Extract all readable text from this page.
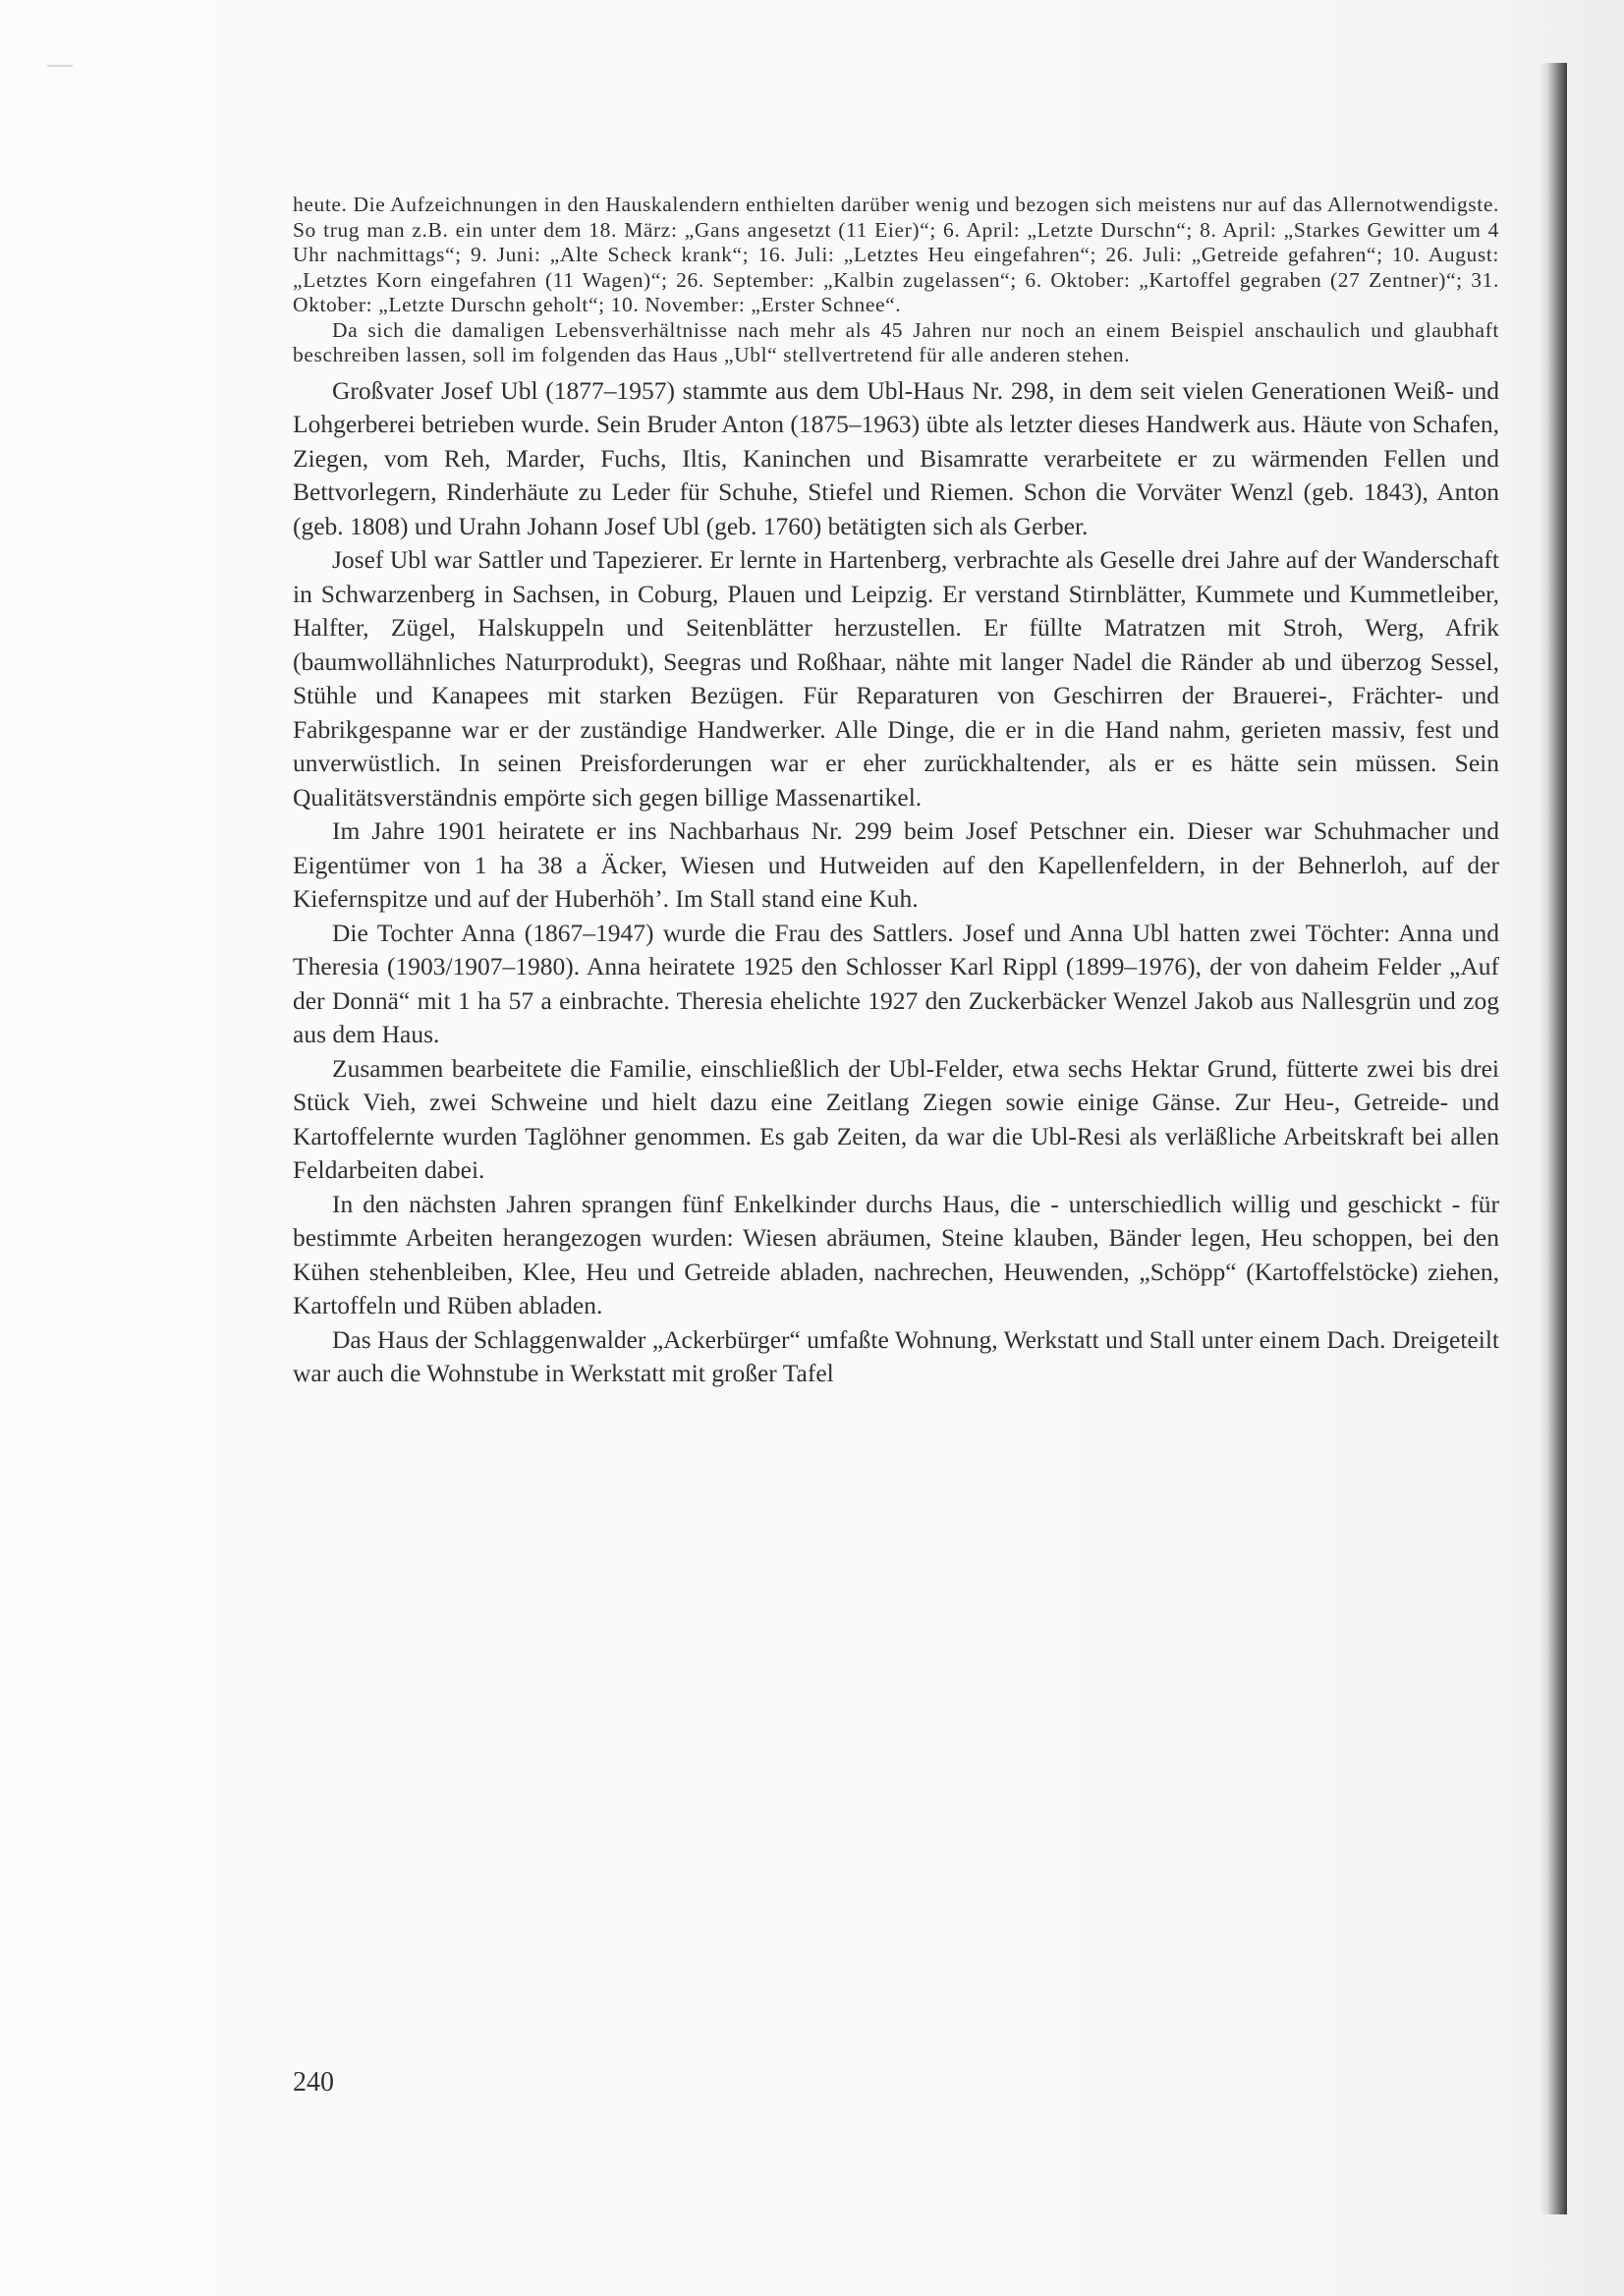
heute. Die Aufzeichnungen in den Hauskalendern enthielten darüber wenig und bezogen sich meistens nur auf das Allernotwendigste. So trug man z.B. ein unter dem 18. März: „Gans angesetzt (11 Eier)“; 6. April: „Letzte Durschn“; 8. April: „Starkes Gewitter um 4 Uhr nachmittags“; 9. Juni: „Alte Scheck krank“; 16. Juli: „Letztes Heu eingefahren“; 26. Juli: „Getreide gefahren“; 10. August: „Letztes Korn eingefahren (11 Wagen)“; 26. September: „Kalbin zugelassen“; 6. Oktober: „Kartoffel gegraben (27 Zentner)“; 31. Oktober: „Letzte Durschn geholt“; 10. November: „Erster Schnee“.

Da sich die damaligen Lebensverhältnisse nach mehr als 45 Jahren nur noch an einem Beispiel anschaulich und glaubhaft beschreiben lassen, soll im folgenden das Haus „Ubl“ stellvertretend für alle anderen stehen.

Großvater Josef Ubl (1877–1957) stammte aus dem Ubl-Haus Nr. 298, in dem seit vielen Generationen Weiß- und Lohgerberei betrieben wurde. Sein Bruder Anton (1875–1963) übte als letzter dieses Handwerk aus. Häute von Schafen, Ziegen, vom Reh, Marder, Fuchs, Iltis, Kaninchen und Bisamratte verarbeitete er zu wärmenden Fellen und Bettvorlegern, Rinderhäute zu Leder für Schuhe, Stiefel und Riemen. Schon die Vorväter Wenzl (geb. 1843), Anton (geb. 1808) und Urahn Johann Josef Ubl (geb. 1760) betätigten sich als Gerber.

Josef Ubl war Sattler und Tapezierer. Er lernte in Hartenberg, verbrachte als Geselle drei Jahre auf der Wanderschaft in Schwarzenberg in Sachsen, in Coburg, Plauen und Leipzig. Er verstand Stirnblätter, Kummete und Kummetleiber, Halfter, Zügel, Halskuppeln und Seitenblätter herzustellen. Er füllte Matratzen mit Stroh, Werg, Afrik (baumwollähnliches Naturprodukt), Seegras und Roßhaar, nähte mit langer Nadel die Ränder ab und überzog Sessel, Stühle und Kanapees mit starken Bezügen. Für Reparaturen von Geschirren der Brauerei-, Frächter- und Fabrikgespanne war er der zuständige Handwerker. Alle Dinge, die er in die Hand nahm, gerieten massiv, fest und unverwüstlich. In seinen Preisforderungen war er eher zurückhaltender, als er es hätte sein müssen. Sein Qualitätsverständnis empörte sich gegen billige Massenartikel.

Im Jahre 1901 heiratete er ins Nachbarhaus Nr. 299 beim Josef Petschner ein. Dieser war Schuhmacher und Eigentümer von 1 ha 38 a Äcker, Wiesen und Hutweiden auf den Kapellenfeldern, in der Behnerloh, auf der Kiefernspitze und auf der Huberhöh’. Im Stall stand eine Kuh.

Die Tochter Anna (1867–1947) wurde die Frau des Sattlers. Josef und Anna Ubl hatten zwei Töchter: Anna und Theresia (1903/1907–1980). Anna heiratete 1925 den Schlosser Karl Rippl (1899–1976), der von daheim Felder „Auf der Donnä“ mit 1 ha 57 a einbrachte. Theresia ehelichte 1927 den Zuckerbäcker Wenzel Jakob aus Nallesgrün und zog aus dem Haus.

Zusammen bearbeitete die Familie, einschließlich der Ubl-Felder, etwa sechs Hektar Grund, fütterte zwei bis drei Stück Vieh, zwei Schweine und hielt dazu eine Zeitlang Ziegen sowie einige Gänse. Zur Heu-, Getreide- und Kartoffelernte wurden Taglöhner genommen. Es gab Zeiten, da war die Ubl-Resi als verläßliche Arbeitskraft bei allen Feldarbeiten dabei.

In den nächsten Jahren sprangen fünf Enkelkinder durchs Haus, die - unterschiedlich willig und geschickt - für bestimmte Arbeiten herangezogen wurden: Wiesen abräumen, Steine klauben, Bänder legen, Heu schoppen, bei den Kühen stehenbleiben, Klee, Heu und Getreide abladen, nachrechen, Heuwenden, „Schöpp“ (Kartoffelstöcke) ziehen, Kartoffeln und Rüben abladen.

Das Haus der Schlaggenwalder „Ackerbürger“ umfaßte Wohnung, Werkstatt und Stall unter einem Dach. Dreigeteilt war auch die Wohnstube in Werkstatt mit großer Tafel

240
